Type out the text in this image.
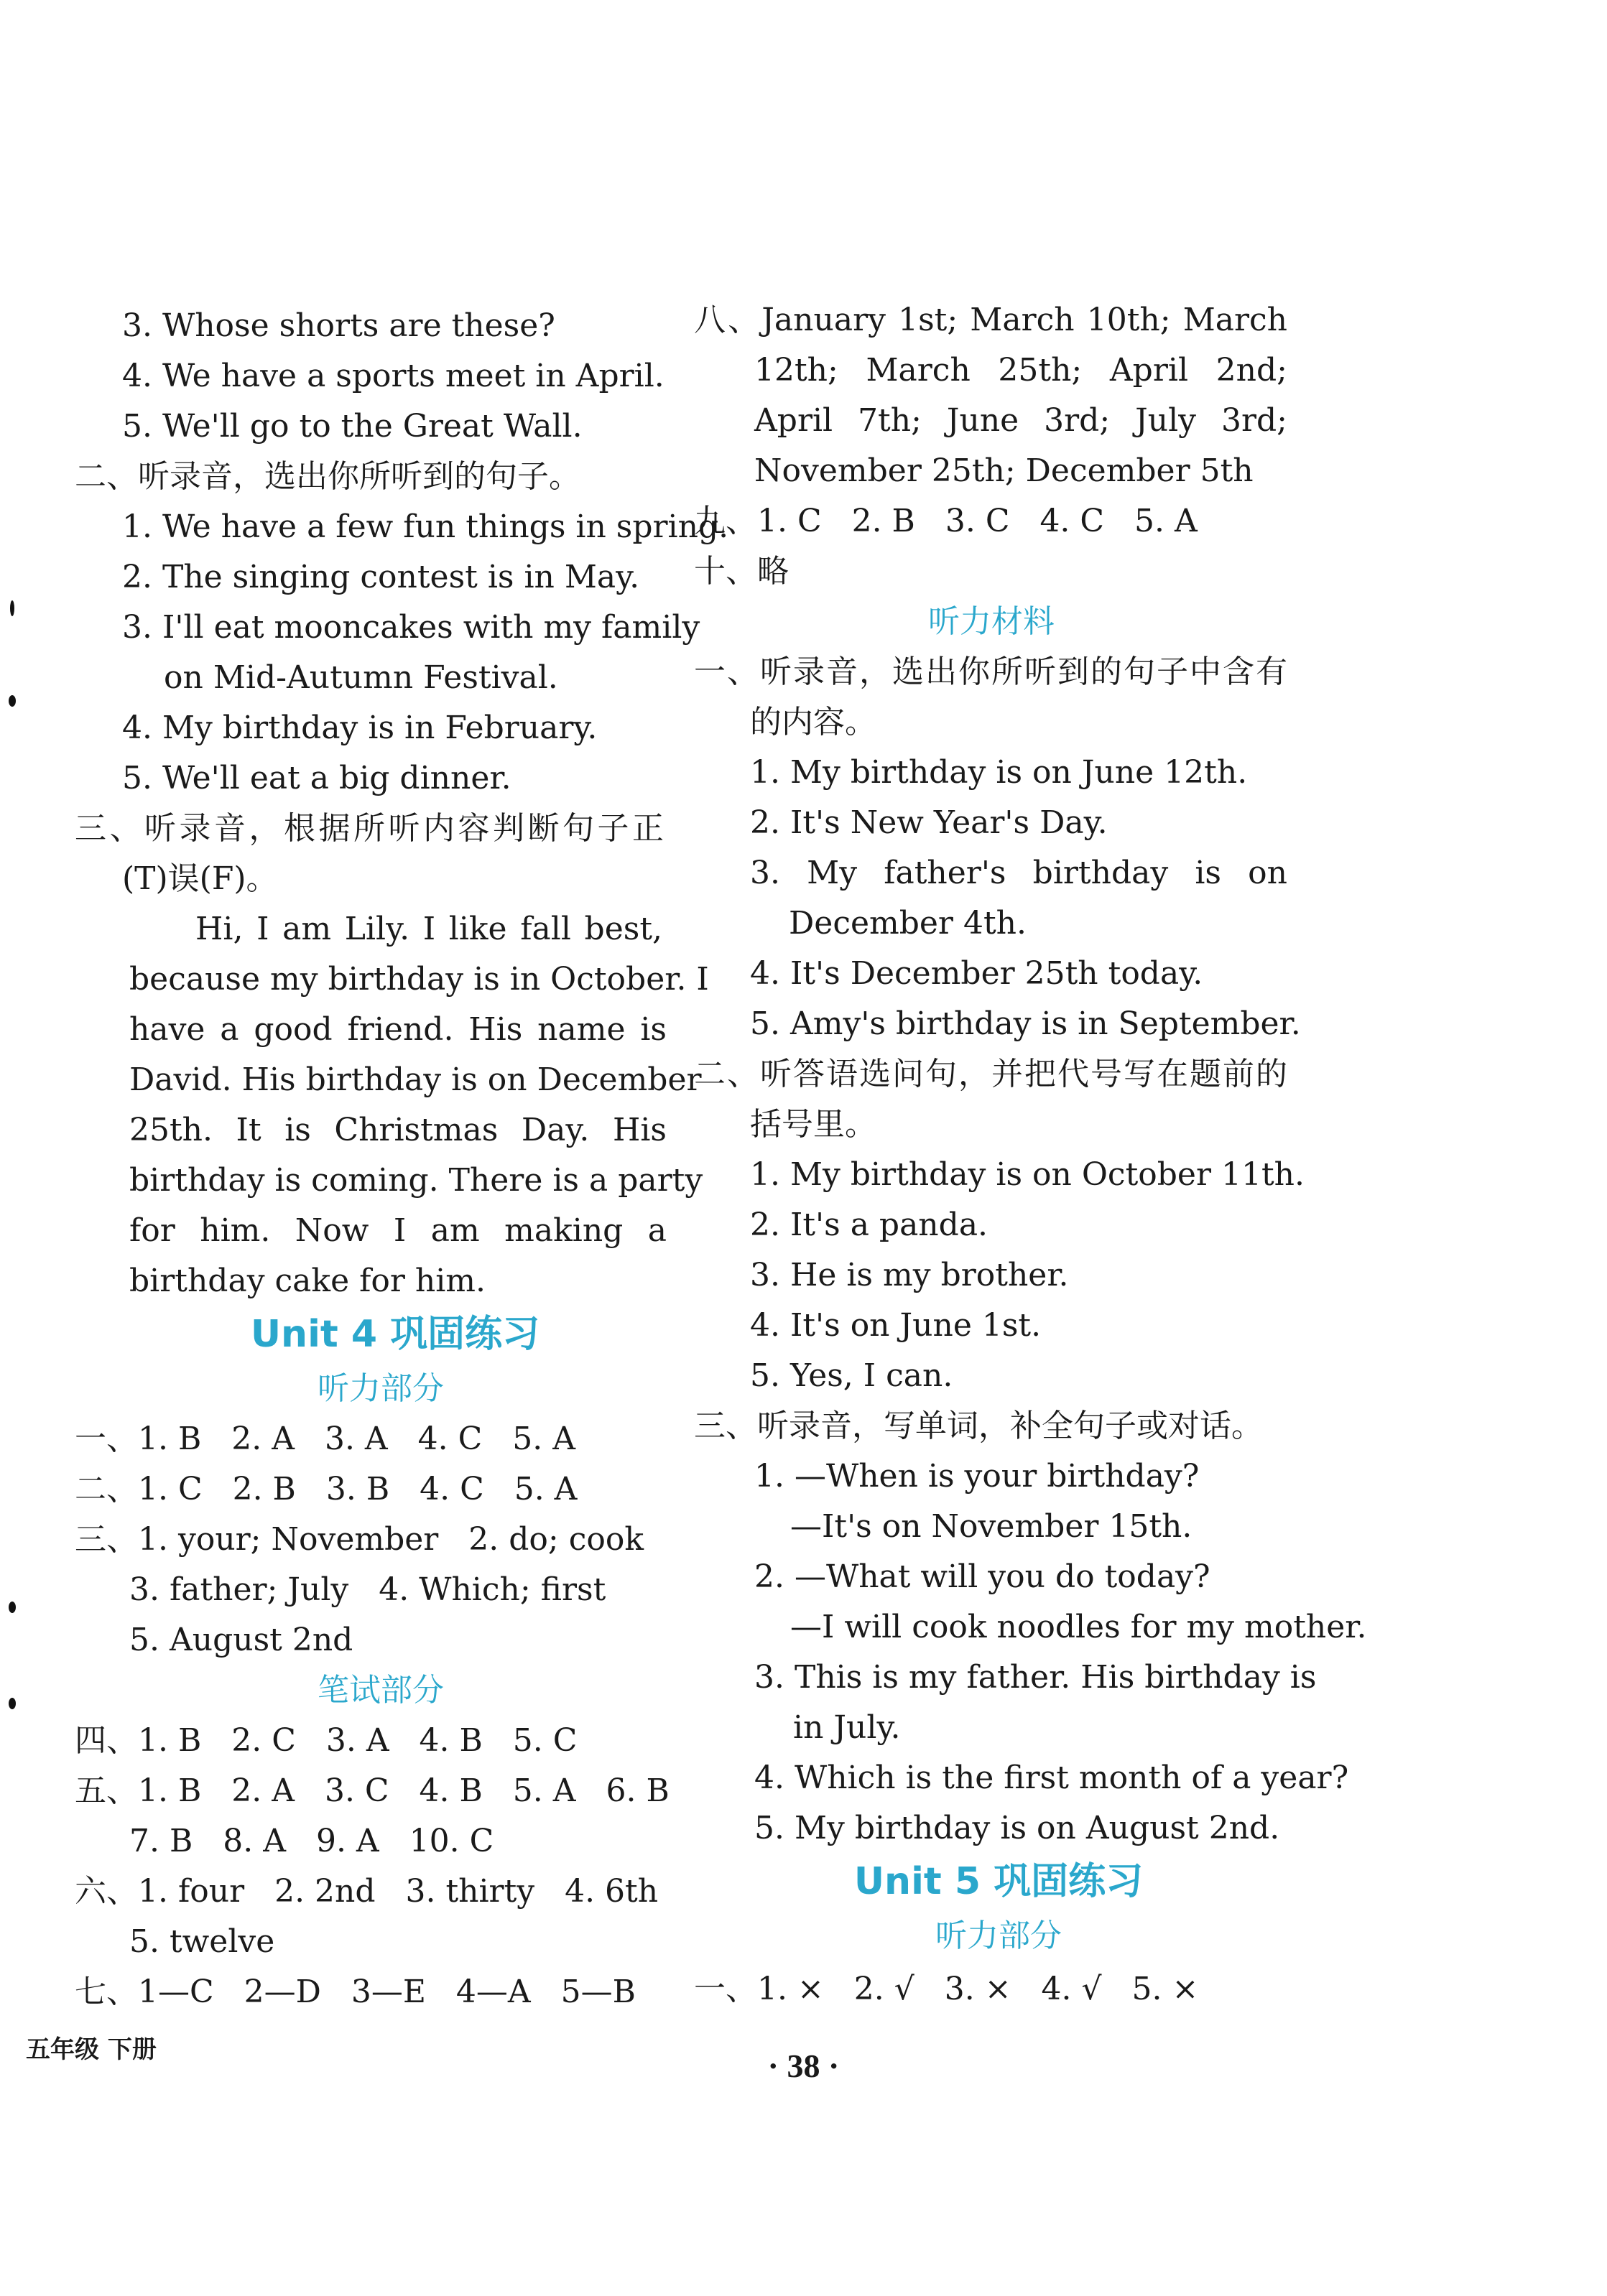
3. Whose shorts are these?
4. We have a sports meet in April.
5. We'll go to the Great Wall.
二、听录音，选出你所听到的句子。
1. We have a few fun things in spring.
2. The singing contest is in May.
3. I'll eat mooncakes with my family
on Mid-Autumn Festival.
4. My birthday is in February.
5. We'll eat a big dinner.
三、听录音，根据所听内容判断句子正
(T)误(F)。
Hi, I am Lily. I like fall best,
because my birthday is in October. I
have a good friend. His name is
David. His birthday is on December
25th. It is Christmas Day. His
birthday is coming. There is a party
for him. Now I am making a
birthday cake for him.
一、1. B   2. A   3. A   4. C   5. A
二、1. C   2. B   3. B   4. C   5. A
三、1. your; November   2. do; cook
3. father; July   4. Which; first
5. August 2nd
四、1. B   2. C   3. A   4. B   5. C
五、1. B   2. A   3. C   4. B   5. A   6. B
7. B   8. A   9. A   10. C
六、1. four   2. 2nd   3. thirty   4. 6th
5. twelve
七、1—C   2—D   3—E   4—A   5—B
八、January 1st; March 10th; March
12th; March 25th; April 2nd;
April 7th; June 3rd; July 3rd;
November 25th; December 5th
九、1. C   2. B   3. C   4. C   5. A
十、略
一、听录音，选出你所听到的句子中含有
的内容。
1. My birthday is on June 12th.
2. It's New Year's Day.
3. My father's birthday is on
December 4th.
4. It's December 25th today.
5. Amy's birthday is in September.
二、听答语选问句，并把代号写在题前的
括号里。
1. My birthday is on October 11th.
2. It's a panda.
3. He is my brother.
4. It's on June 1st.
5. Yes, I can.
三、听录音，写单词，补全句子或对话。
1. —When is your birthday?
—It's on November 15th.
2. —What will you do today?
—I will cook noodles for my mother.
3. This is my father. His birthday is
in July.
4. Which is the first month of a year?
5. My birthday is on August 2nd.
一、1. ×   2. √   3. ×   4. √   5. ×
听力材料
Unit 4 巩固练习
听力部分
笔试部分
Unit 5 巩固练习
听力部分
五年级 下册	· 38 ·
